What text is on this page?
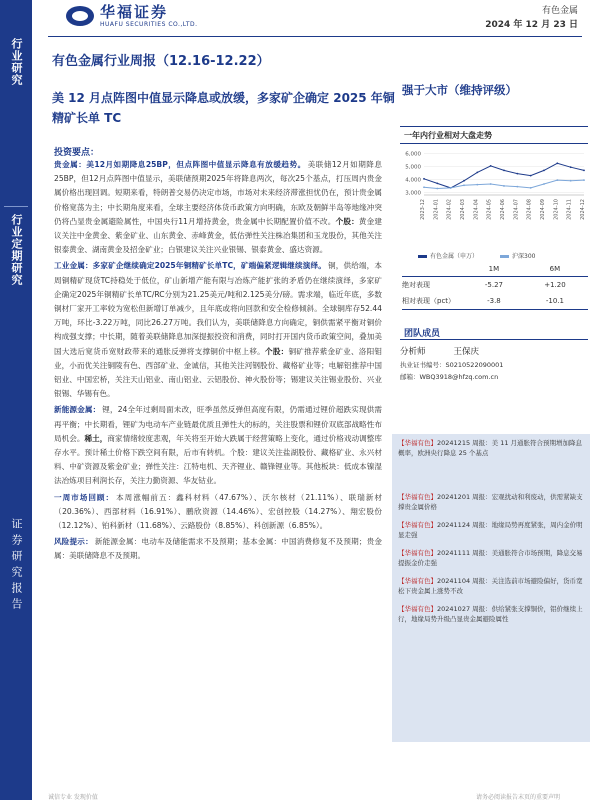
行业研究
行业定期研究
证券研究报告
华福证券
HUAFU SECURITIES CO.,LTD.
有色金属
2024 年 12 月 23 日
有色金属行业周报（12.16-12.22）
美 12 月点阵图中值显示降息或放缓，多家矿企确定 2025 年铜精矿长单 TC
强于大市（维持评级）
投资要点：

贵金属：美12月如期降息25BP，但点阵图中值显示降息有放缓趋势。 美联储12月如期降息25BP，但12月点阵图中值显示，美联储预期2025年将降息两次，每次25个基点，打压周内贵金属价格出现回调。短期来看，特朗普交易仍决定市场，市场对未来经济滞涨担忧仍在，预计贵金属价格宽荡为主；中长期角度来看，全球主要经济体货币政策方向明确，东欧及朝鲜半岛等地缘冲突仍将凸显贵金属避险属性，中国央行11月增持黄金，贵金属中长期配置价值不改。个股：黄金建议关注中金黄金、紫金矿业、山东黄金、赤峰黄金，低估弹性关注株冶集团和玉龙股份，其他关注银泰黄金、湖南黄金及招金矿业；白银建议关注兴业银锡、银泰黄金、盛达资源。

工业金属：多家矿企继续确定2025年铜精矿长单TC，矿端偏紧逻辑继续演绎。 铜，供给端，本周铜精矿现货TC持稳处于低位，矿山新增产能有限与冶炼产能扩张的矛盾仍在继续演绎，多家矿企确定2025年铜精矿长单TC/RC分别为21.25美元/吨和2.125美分/磅。需求端，临近年底，多数铜材厂家开工率较为宽松但新增订单减少，且年底或将向回款和安全检修倾斜。全球铜库存52.44万吨，环比-3.22万吨，同比26.27万吨。我们认为，美联储降息方向确定，铜供需紧平衡对铜价构成强支撑；中长期，随着美联储降息加深提振投资和消费，同时打开国内货币政策空间，叠加美国大选后宽货币宽财政带来的通胀反弹将支撑铜价中枢上移。个股：铜矿推荐紫金矿业、洛阳钼业，小而优关注铜陵有色、西部矿业、金诚信，其他关注河钢股份、藏格矿业等；电解铝推荐中国铝业、中国宏桥，关注天山铝业、南山铝业、云铝股份、神火股份等；锡建议关注锡业股份、兴业银锡、华锡有色。

新能源金属： 锂，24全年过剩局面未改，旺季虽然反弹但高度有限，仍需通过锂价超跌实现供需再平衡；中长期看，锂矿为电动车产业链最优质且弹性大的标的，关注股票和锂价双底部战略性布局机会。稀土，商家情绪较度悲观，年关将至开始大跌属于经营策略上变化，通过价格戏动调整库存水平。预计稀土价格下跌空间有限，后市有转机。个股：建议关注盐湖股份、藏格矿业、永兴材料、中矿资源及紫金矿业；弹性关注：江特电机、天齐锂业、赣锋锂业等。其他板块：低成本镍湿法冶炼项目利润长存，关注力勤资源、华友钴业。

一周市场回顾： 本周涨幅前五：鑫科材料（47.67%）、沃尔核材（21.11%）、联瑞新材（20.36%）、西部材料（16.91%）、鹏欣资源（14.46%）、宏创控股（14.27%）、翔宏股份（12.12%）、铂科新材（11.68%）、云路股份（8.85%）、科创新源（6.85%）。

风险提示： 新能源金属：电动车及储能需求不及预期；基本金属：中国消费修复不及预期；贵金属：美联储降息不及预期。

一年内行业相对大盘走势
3,000
4,000
5,000
6,000
2023-12 2024-01 2024-02 2024-03 2024-04 2024-05 2024-06 2024-07 2024-08 2024-09 2024-10 2024-11 2024-12
有色金属（申万）	沪深300
	1M	6M
绝对表现	-5.27	+1.20
相对表现（pct）	-3.8	-10.1
团队成员
分析师	王保庆
执业证书编号：S0210522090001
邮箱：WBQ3918@hfzq.com.cn
【华福有色】20241215 周报：美 11 月通胀符合预期增加降息概率，欧洲央行降息 25 个基点
【华福有色】20241201 周报：宏观扰动和利废动，供需紧缺支撑贵金属价格
【华福有色】20241124 周报：地缘局势再度紧张，周内金价明显走强
【华福有色】20241111 周报：美通胀符合市场预期，降息交易提振金价走强
【华福有色】20241104 周报：关注选前市场避险偏好，货币宽松下贵金属上涨势不改
【华福有色】20241027 周报：供给紧张支撑铜价，铝价继续上行，地缘局势升级凸显贵金属避险属性
诚信专业 发现价值	请务必阅读报告末页的重要声明
